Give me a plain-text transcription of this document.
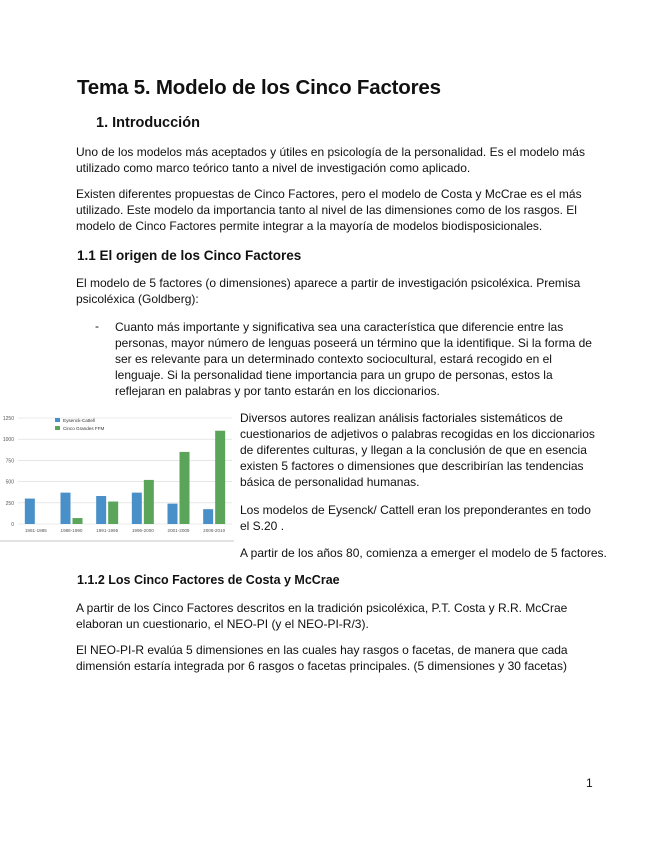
Tema 5. Modelo de los Cinco Factores
1. Introducción

Uno de los modelos más aceptados y útiles en psicología de la personalidad. Es el modelo más utilizado como marco teórico tanto a nivel de investigación como aplicado.

Existen diferentes propuestas de Cinco Factores, pero el modelo de Costa y McCrae es el más utilizado. Este modelo da importancia tanto al nivel de las dimensiones como de los rasgos. El modelo de Cinco Factores permite integrar a la mayoría de modelos biodisposicionales.

1.1 El origen de los Cinco Factores

El modelo de 5 factores (o dimensiones) aparece a partir de investigación psicoléxica. Premisa psicoléxica (Goldberg):

- Cuanto más importante y significativa sea una característica que diferencie entre las personas, mayor número de lenguas poseerá un término que la identifique. Si la forma de ser es relevante para un determinado contexto sociocultural, estará recogido en el lenguaje. Si la personalidad tiene importancia para un grupo de personas, estos la reflejaran en palabras y por tanto estarán en los diccionarios.

0
250
500
750
1000
1250
1981-1985	1986-1990	1991-1995	1996-2000	2001-2005	2006-2010
Eysenck-Cattell
Cinco Grandes FFM

Diversos autores realizan análisis factoriales sistemáticos de cuestionarios de adjetivos o palabras recogidas en los diccionarios de diferentes culturas, y llegan a la conclusión de que en esencia existen 5 factores o dimensiones que describirían las tendencias básica de personalidad humanas.

Los modelos de Eysenck/ Cattell eran los preponderantes en todo el S.20 .

A partir de los años 80, comienza a emerger el modelo de 5 factores.

1.1.2 Los Cinco Factores de Costa y McCrae

A partir de los Cinco Factores descritos en la tradición psicoléxica, P.T. Costa y R.R. McCrae elaboran un cuestionario, el NEO-PI (y el NEO-PI-R/3).

El NEO-PI-R evalúa 5 dimensiones en las cuales hay rasgos o facetas, de manera que cada dimensión estaría integrada por 6 rasgos o facetas principales. (5 dimensiones y 30 facetas)

1
